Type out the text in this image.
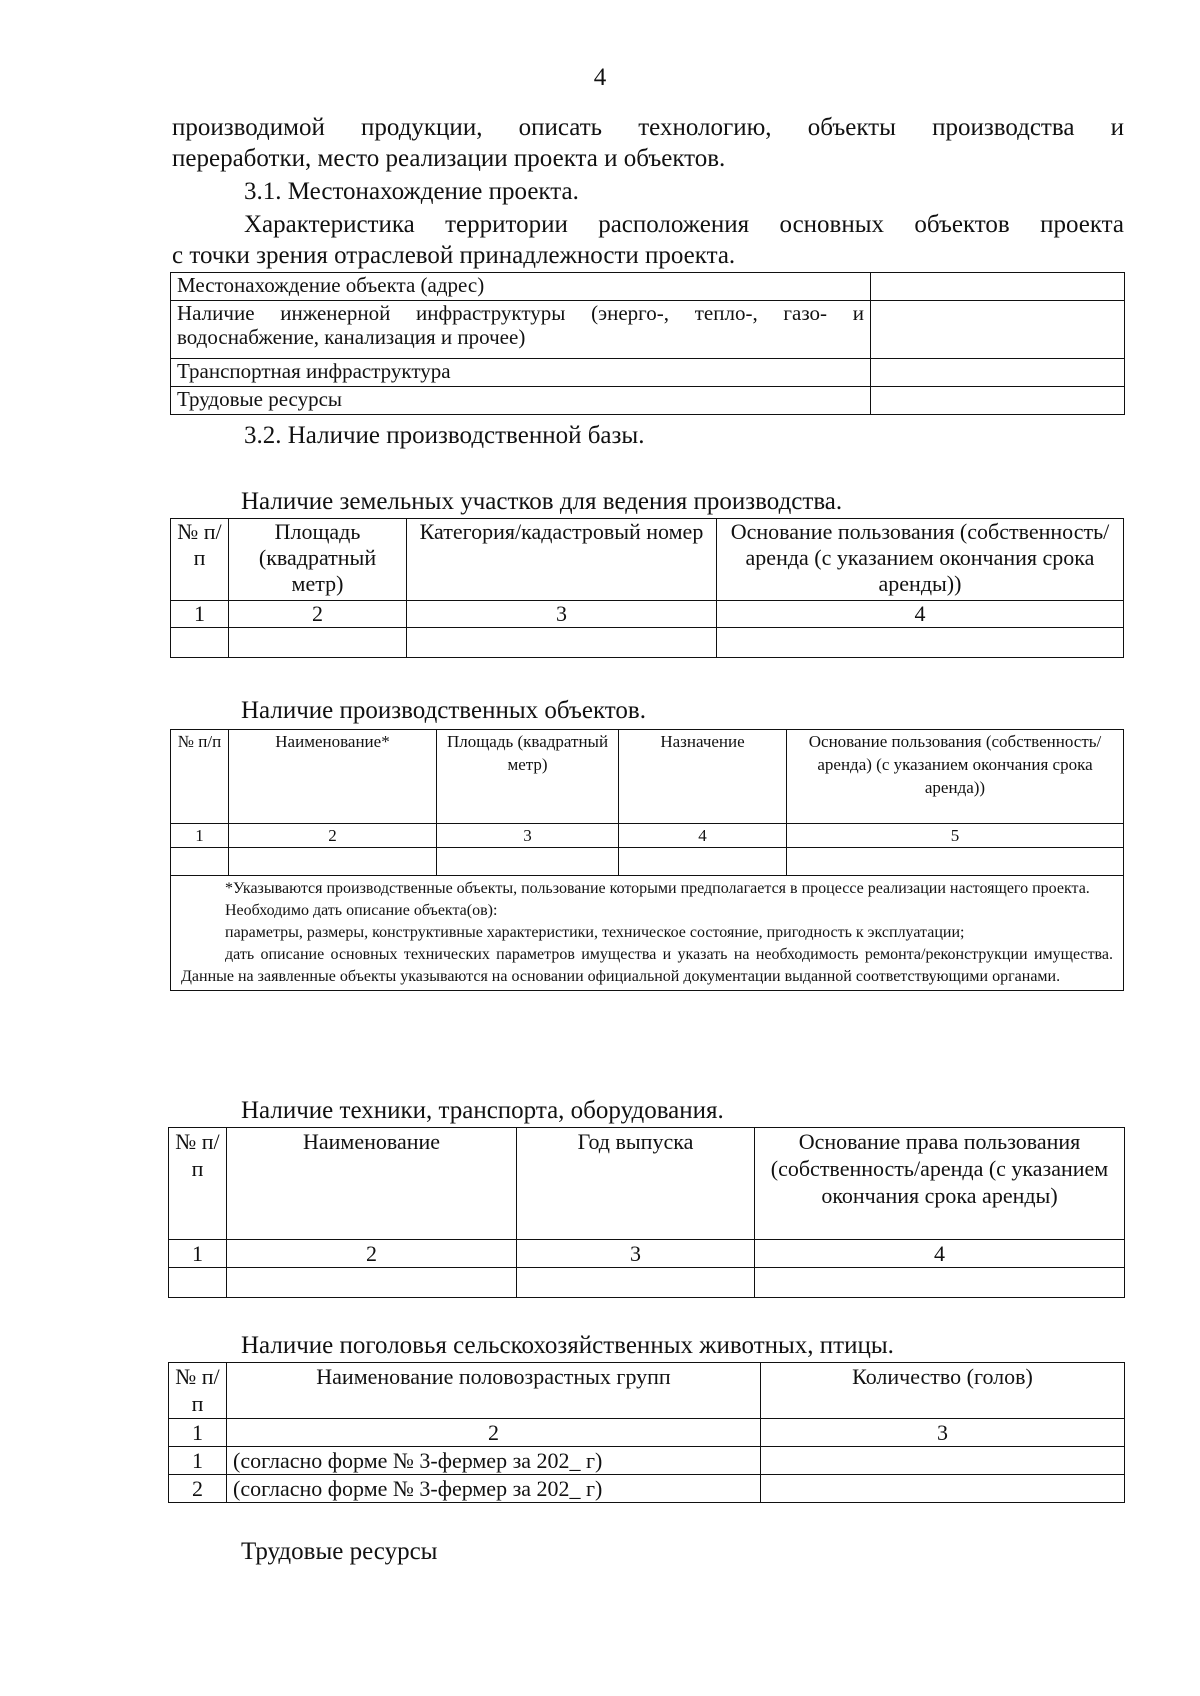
4
производимой продукции, описать технологию, объекты производства и
переработки, место реализации проекта и объектов.
3.1. Местонахождение проекта.
Характеристика территории расположения основных объектов проекта
с точки зрения отраслевой принадлежности проекта.
Местонахождение объекта (адрес)	
Наличие инженерной инфраструктуры (энерго-, тепло-, газо- и водоснабжение, канализация и прочее)	
Транспортная инфраструктура	
Трудовые ресурсы	
3.2. Наличие производственной базы.
Наличие земельных участков для ведения производства.
№ п/п	Площадь (квадратный метр)	Категория/кадастровый номер	Основание пользования (собственность/аренда (с указанием окончания срока аренды))
1	2	3	4

Наличие производственных объектов.
№ п/п	Наименование*	Площадь (квадратный метр)	Назначение	Основание пользования (собственность/аренда) (с указанием окончания срока аренда))
1	2	3	4	5

*Указываются производственные объекты, пользование которыми предполагается в процессе реализации настоящего проекта.
Необходимо дать описание объекта(ов):
параметры, размеры, конструктивные характеристики, техническое состояние, пригодность к эксплуатации;
дать описание основных технических параметров имущества и указать на необходимость ремонта/реконструкции имущества. Данные на заявленные объекты указываются на основании официальной документации выданной соответствующими органами.				
Наличие техники, транспорта, оборудования.
№ п/п	Наименование	Год выпуска	Основание права пользования (собственность/аренда (с указанием окончания срока аренды)
1	2	3	4

Наличие поголовья сельскохозяйственных животных, птицы.
№ п/п	Наименование половозрастных групп	Количество (голов)
1	2	3
1	(согласно форме № 3-фермер за 202_ г)	
2	(согласно форме № 3-фермер за 202_ г)	
Трудовые ресурсы
